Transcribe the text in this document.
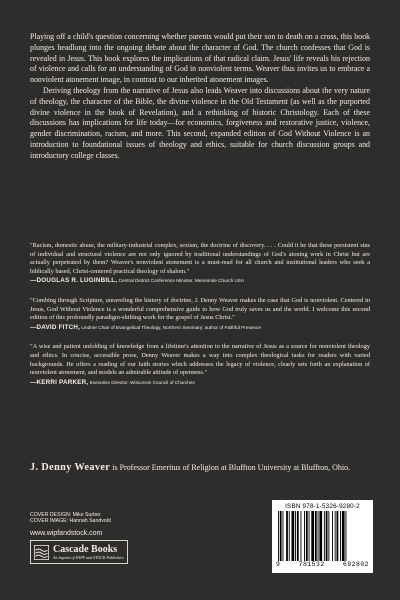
Playing off a child's question concerning whether parents would put their son to death on a cross, this book plunges headlong into the ongoing debate about the character of God. The church confesses that God is revealed in Jesus. This book explores the implications of that radical claim. Jesus' life reveals his rejection of violence and calls for an understanding of God in nonviolent terms. Weaver thus invites us to embrace a nonviolent atonement image, in contrast to our inherited atonement images.

Deriving theology from the narrative of Jesus also leads Weaver into discussions about the very nature of theology, the character of the Bible, the divine violence in the Old Testament (as well as the purported divine violence in the book of Revelation), and a rethinking of historic Christology. Each of these discussions has implications for life today—for economics, forgiveness and restorative justice, violence, gender discrimination, racism, and more. This second, expanded edition of God Without Violence is an introduction to foundational issues of theology and ethics, suitable for church discussion groups and introductory college classes.

"Racism, domestic abuse, the military-industrial complex, sexism, the doctrine of discovery. . . . Could it be that these persistent sins of individual and structural violence are not only ignored by traditional understandings of God's atoning work in Christ but are actually perpetrated by them? Weaver's nonviolent atonement is a must-read for all church and institutional leaders who seek a biblically based, Christ-centered practical theology of shalom."

—DOUGLAS R. LUGINBILL, Central District Conference Minister, Mennonite Church USA

"Combing through Scripture, unraveling the history of doctrine, J. Denny Weaver makes the case that God is nonviolent. Centered in Jesus, God Without Violence is a wonderful comprehensive guide to how God truly saves us and the world. I welcome this second edition of this profoundly paradigm-shifting work for the gospel of Jesus Christ."

—DAVID FITCH, Lindner Chair of Evangelical Theology, Northern Seminary; author of Faithful Presence

"A wise and patient unfolding of knowledge from a lifetime's attention to the narrative of Jesus as a source for nonviolent theology and ethics. In concise, accessible prose, Denny Weaver makes a way into complex theological tasks for readers with varied backgrounds. He offers a reading of our faith stories which addresses the legacy of violence, clearly sets forth an explanation of nonviolent atonement, and models an admirable attitude of openness."

—KERRI PARKER, Executive Director, Wisconsin Council of Churches

J. Denny Weaver is Professor Emeritus of Religion at Bluffton University at Bluffton, Ohio.
COVER DESIGN: Mike Surber
COVER IMAGE: Hannah Sandvold
www.wipfandstock.com
Cascade Books
An Imprint of WIPF and STOCK Publishers
ISBN 978-1-5326-9280-2
9	781532	692802
